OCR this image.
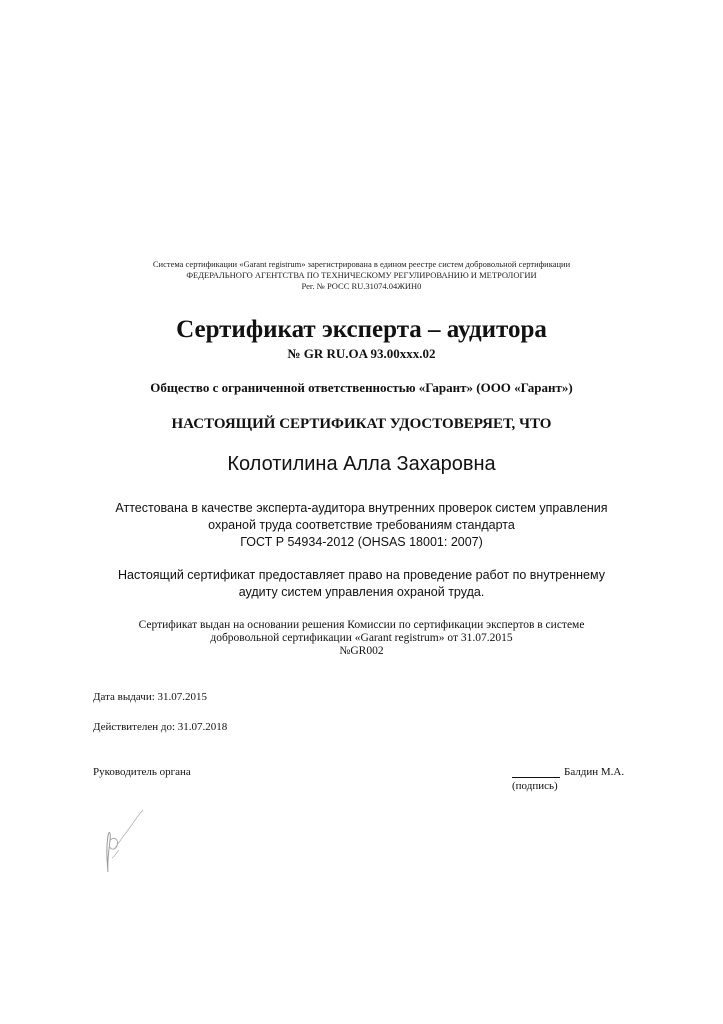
Система сертификации «Garant registrum» зарегистрирована в едином реестре систем добровольной сертификации
ФЕДЕРАЛЬНОГО АГЕНТСТВА ПО ТЕХНИЧЕСКОМУ РЕГУЛИРОВАНИЮ И МЕТРОЛОГИИ
Рег. № РОСС RU.31074.04ЖИН0
Сертификат эксперта – аудитора
№ GR RU.OA 93.00xxx.02
Общество с ограниченной ответственностью «Гарант» (ООО «Гарант»)
НАСТОЯЩИЙ СЕРТИФИКАТ УДОСТОВЕРЯЕТ, ЧТО
Колотилина Алла Захаровна
Аттестована в качестве эксперта-аудитора внутренних проверок систем управления
охраной труда соответствие требованиям стандарта
ГОСТ Р 54934-2012 (OHSAS 18001: 2007)
Настоящий сертификат предоставляет право на проведение работ по внутреннему
аудиту систем управления охраной труда.
Сертификат выдан на основании решения Комиссии по сертификации экспертов в системе
добровольной сертификации «Garant registrum» от 31.07.2015
№GR002
Дата выдачи: 31.07.2015
Действителен до: 31.07.2018
Руководитель органа	Балдин М.А.
(подпись)
